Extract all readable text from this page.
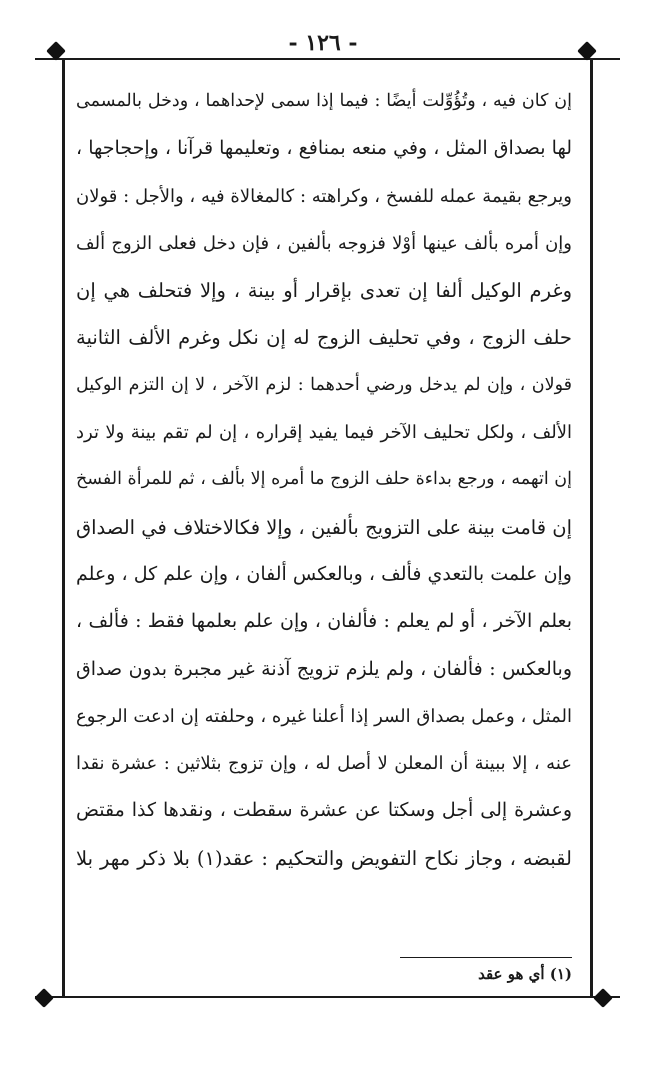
- ١٢٦ -
إن كان فيه ، وتُؤُوِّلت أيضًا : فيما إذا سمى لإحداهما ، ودخل بالمسمى
لها بصداق المثل ، وفي منعه بمنافع ، وتعليمها قرآنا ، وإحجاجها ،
ويرجع بقيمة عمله للفسخ ، وكراهته : كالمغالاة فيه ، والأجل : قولان
وإن أمره بألف عينها أوْلا فزوجه بألفين ، فإن دخل فعلى الزوج ألف
وغرم الوكيل ألفا إن تعدى بإقرار أو بينة ، وإلا فتحلف هي إن
حلف الزوج ، وفي تحليف الزوج له إن نكل وغرم الألف الثانية
قولان ، وإن لم يدخل ورضي أحدهما : لزم الآخر ، لا إن التزم الوكيل
الألف ، ولكل تحليف الآخر فيما يفيد إقراره ، إن لم تقم بينة ولا ترد
إن اتهمه ، ورجع بداءة حلف الزوج ما أمره إلا بألف ، ثم للمرأة الفسخ
إن قامت بينة على التزويج بألفين ، وإلا فكالاختلاف في الصداق
وإن علمت بالتعدي فألف ، وبالعكس ألفان ، وإن علم كل ، وعلم
بعلم الآخر ، أو لم يعلم : فألفان ، وإن علم بعلمها فقط : فألف ،
وبالعكس : فألفان ، ولم يلزم تزويج آذنة غير مجبرة بدون صداق
المثل ، وعمل بصداق السر إذا أعلنا غيره ، وحلفته إن ادعت الرجوع
عنه ، إلا ببينة أن المعلن لا أصل له ، وإن تزوج بثلاثين : عشرة نقدا
وعشرة إلى أجل وسكتا عن عشرة سقطت ، ونقدها كذا مقتض
لقبضه ، وجاز نكاح التفويض والتحكيم : عقد(١) بلا ذكر مهر بلا
(١) أي هو عقد
